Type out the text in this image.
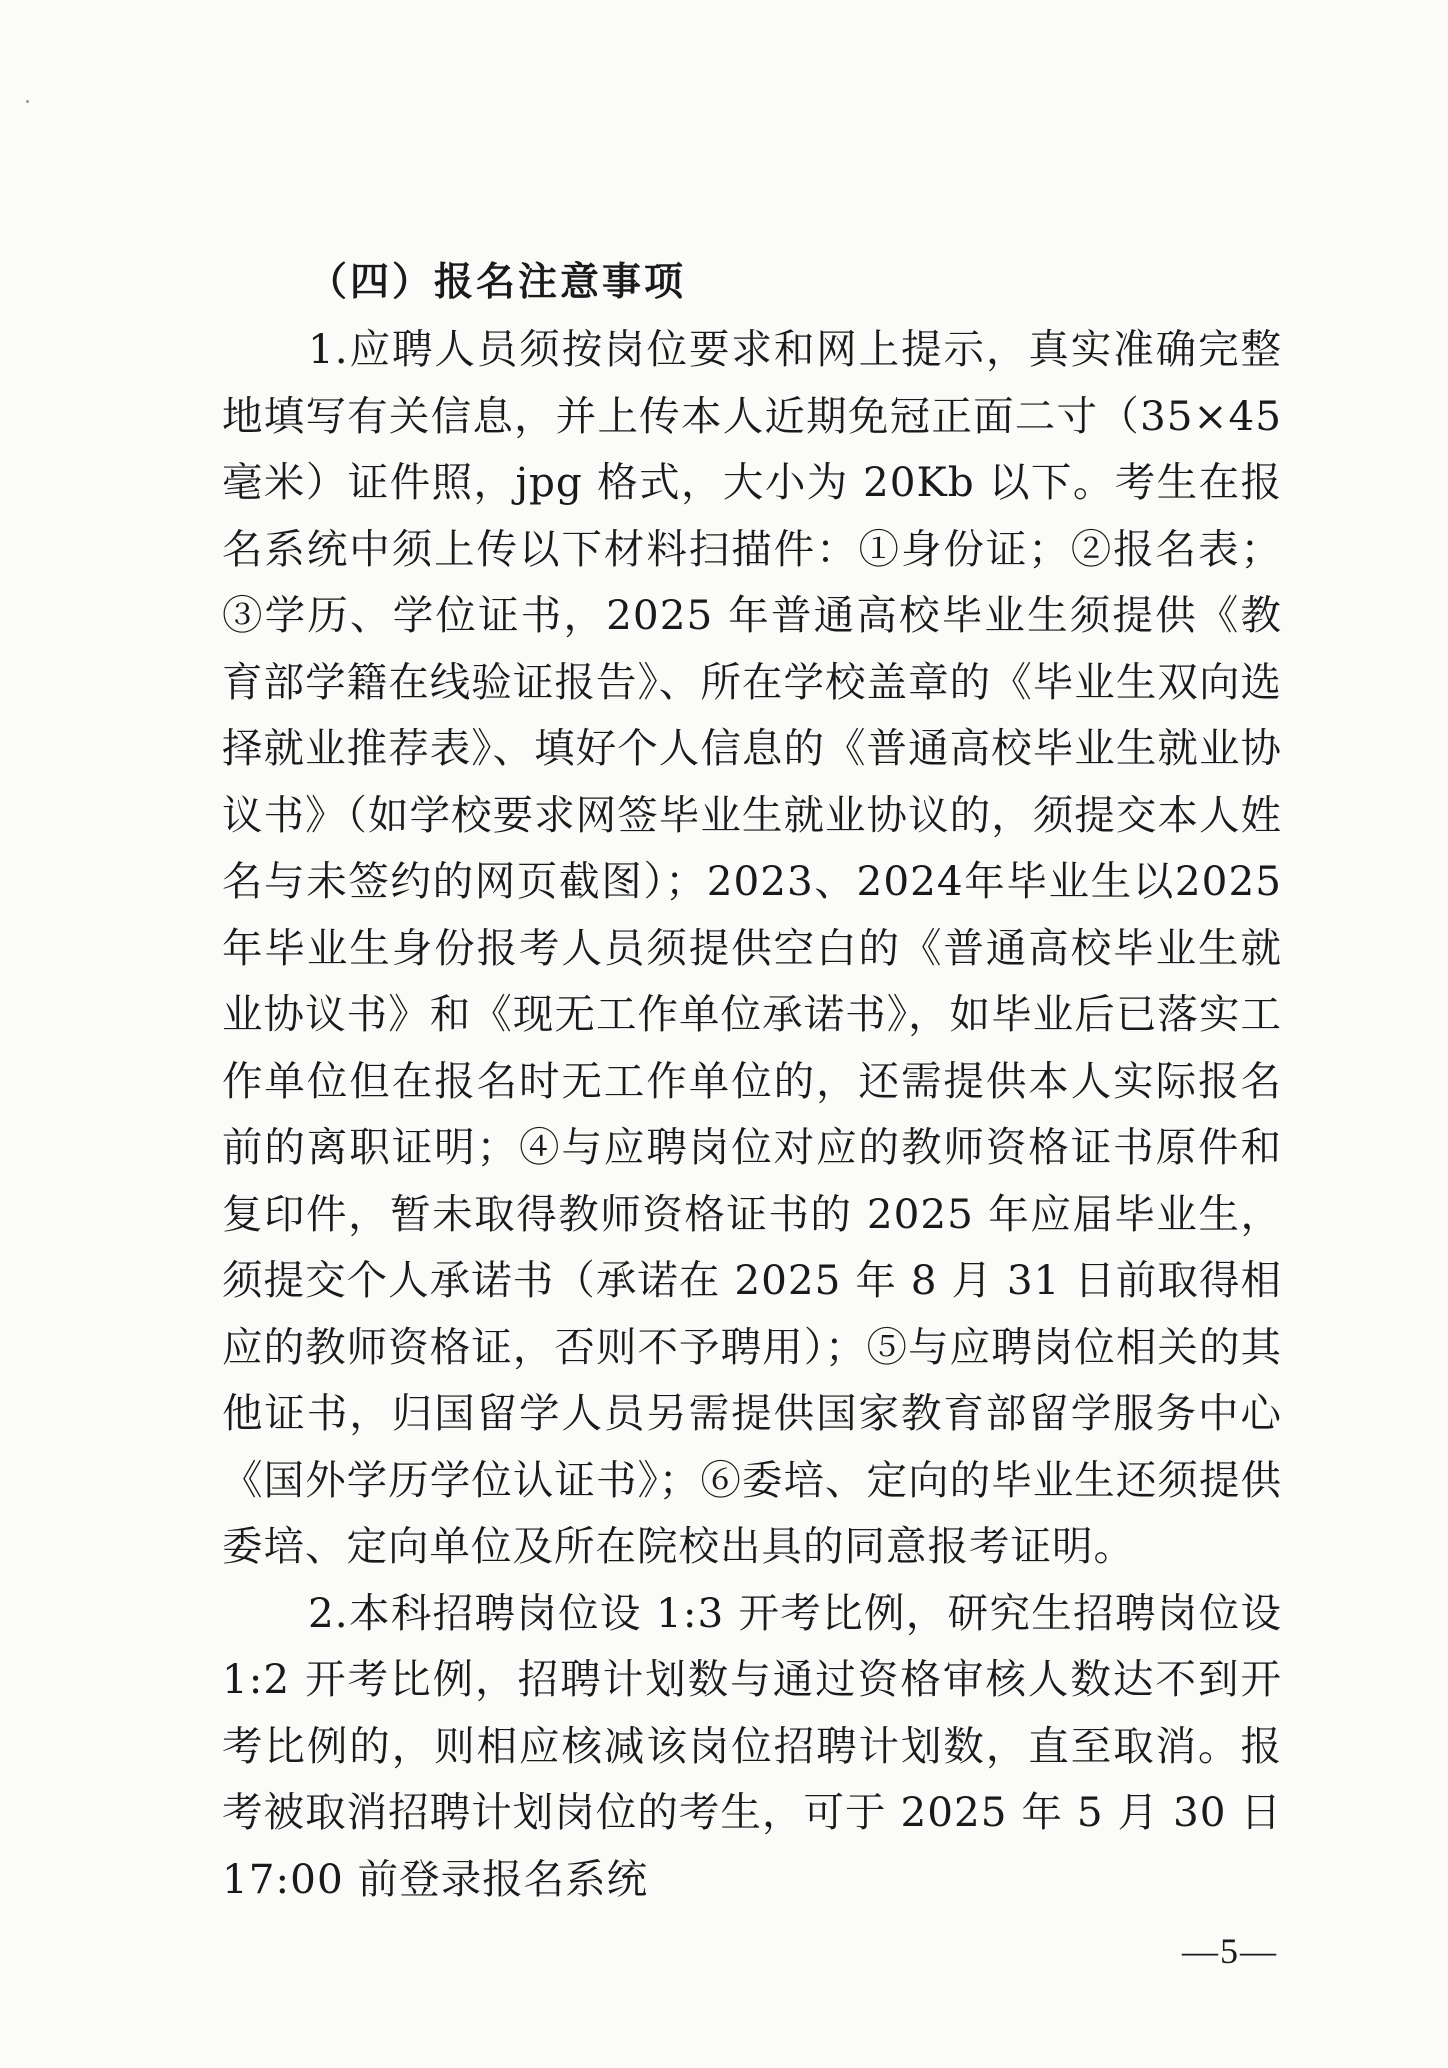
（四）报名注意事项

1.应聘人员须按岗位要求和网上提示，真实准确完整地填写有关信息，并上传本人近期免冠正面二寸（35×45 毫米）证件照，jpg 格式，大小为 20Kb 以下。考生在报名系统中须上传以下材料扫描件：①身份证；②报名表；③学历、学位证书，2025 年普通高校毕业生须提供《教育部学籍在线验证报告》、所在学校盖章的《毕业生双向选择就业推荐表》、填好个人信息的《普通高校毕业生就业协议书》（如学校要求网签毕业生就业协议的，须提交本人姓名与未签约的网页截图）；2023、2024年毕业生以2025年毕业生身份报考人员须提供空白的《普通高校毕业生就业协议书》和《现无工作单位承诺书》，如毕业后已落实工作单位但在报名时无工作单位的，还需提供本人实际报名前的离职证明；④与应聘岗位对应的教师资格证书原件和复印件，暂未取得教师资格证书的 2025 年应届毕业生，须提交个人承诺书（承诺在 2025 年 8 月 31 日前取得相应的教师资格证，否则不予聘用）；⑤与应聘岗位相关的其他证书，归国留学人员另需提供国家教育部留学服务中心《国外学历学位认证书》；⑥委培、定向的毕业生还须提供委培、定向单位及所在院校出具的同意报考证明。

2.本科招聘岗位设 1:3 开考比例，研究生招聘岗位设 1:2 开考比例，招聘计划数与通过资格审核人数达不到开考比例的，则相应核减该岗位招聘计划数，直至取消。报考被取消招聘计划岗位的考生，可于 2025 年 5 月 30 日 17:00 前登录报名系统

—5—
